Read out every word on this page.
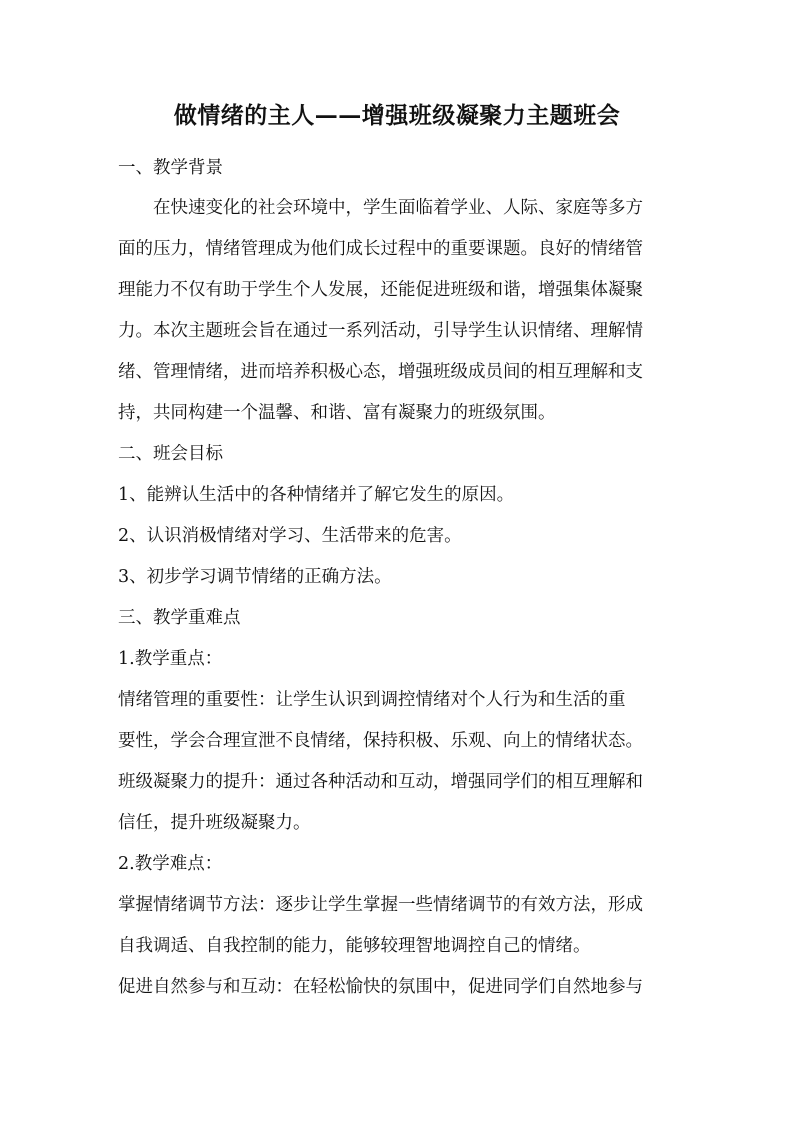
做情绪的主人——增强班级凝聚力主题班会
一、教学背景
在快速变化的社会环境中，学生面临着学业、人际、家庭等多方
面的压力，情绪管理成为他们成长过程中的重要课题。良好的情绪管
理能力不仅有助于学生个人发展，还能促进班级和谐，增强集体凝聚
力。本次主题班会旨在通过一系列活动，引导学生认识情绪、理解情
绪、管理情绪，进而培养积极心态，增强班级成员间的相互理解和支
持，共同构建一个温馨、和谐、富有凝聚力的班级氛围。
二、班会目标
1、能辨认生活中的各种情绪并了解它发生的原因。
2、认识消极情绪对学习、生活带来的危害。
3、初步学习调节情绪的正确方法。
三、教学重难点
1.教学重点：
情绪管理的重要性：让学生认识到调控情绪对个人行为和生活的重
要性，学会合理宣泄不良情绪，保持积极、乐观、向上的情绪状态。
班级凝聚力的提升：通过各种活动和互动，增强同学们的相互理解和
信任，提升班级凝聚力。
2.教学难点：
掌握情绪调节方法：逐步让学生掌握一些情绪调节的有效方法，形成
自我调适、自我控制的能力，能够较理智地调控自己的情绪。
促进自然参与和互动：在轻松愉快的氛围中，促进同学们自然地参与
